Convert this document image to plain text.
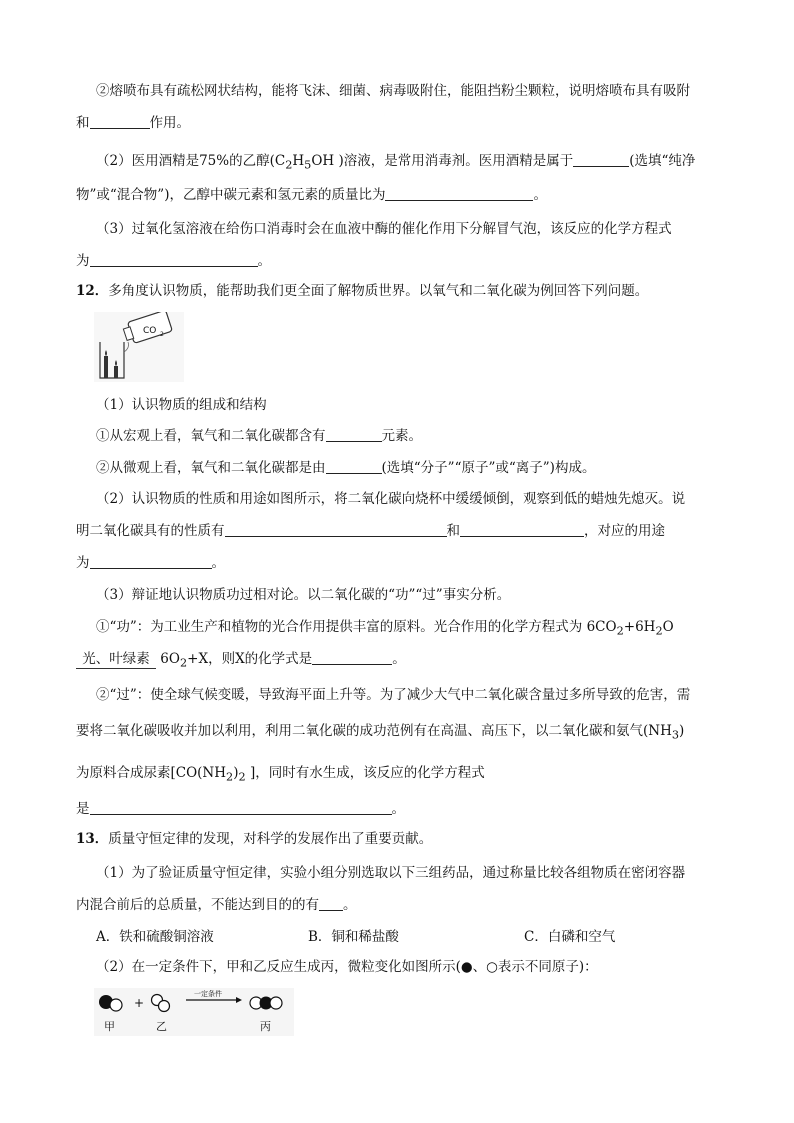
②熔喷布具有疏松网状结构，能将飞沫、细菌、病毒吸附住，能阻挡粉尘颗粒，说明熔喷布具有吸附
和	作用。
（2）医用酒精是75%的乙醇($C_2H_5OH$ )溶液，是常用消毒剂。医用酒精是属于	(选填“纯净
物”或“混合物”)，乙醇中碳元素和氢元素的质量比为	。
（3）过氧化氢溶液在给伤口消毒时会在血液中酶的催化作用下分解冒气泡，该反应的化学方程式
为	。
12．多角度认识物质，能帮助我们更全面了解物质世界。以氧气和二氧化碳为例回答下列问题。
CO 2
（1）认识物质的组成和结构
①从宏观上看，氧气和二氧化碳都含有	元素。
②从微观上看，氧气和二氧化碳都是由	(选填“分子”“原子”或“离子”)构成。
（2）认识物质的性质和用途如图所示，将二氧化碳向烧杯中缓缓倾倒，观察到低的蜡烛先熄灭。说
明二氧化碳具有的性质有	和	，对应的用途
为	。
（3）辩证地认识物质功过相对论。以二氧化碳的“功”“过”事实分析。
①“功”：为工业生产和植物的光合作用提供丰富的原料。光合作用的化学方程式为 $6CO_2+6H_2O$
光、叶绿素 $6O_2+X$，则X的化学式是	。
②“过”：使全球气候变暖，导致海平面上升等。为了减少大气中二氧化碳含量过多所导致的危害，需
要将二氧化碳吸收并加以利用，利用二氧化碳的成功范例有在高温、高压下，以二氧化碳和氨气$(NH_3)$
为原料合成尿素[$CO(NH_2)_2$ ]，同时有水生成，该反应的化学方程式
是	。
13．质量守恒定律的发现，对科学的发展作出了重要贡献。
（1）为了验证质量守恒定律，实验小组分别选取以下三组药品，通过称量比较各组物质在密闭容器
内混合前后的总质量，不能达到目的的有 。
A．铁和硫酸铜溶液	B．铜和稀盐酸	C．白磷和空气
（2）在一定条件下，甲和乙反应生成丙，微粒变化如图所示(●、○表示不同原子)：
+
一定条件
甲	乙	丙
